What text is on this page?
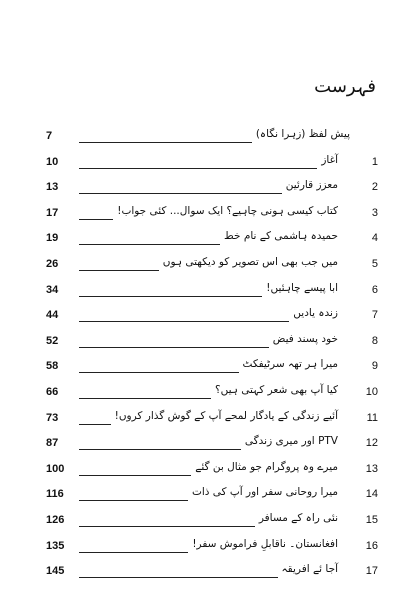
فہرست
7	پیش لفظ (زہرا نگاہ)
10	آغاز	1
13	معزز قارئین	2
17	کتاب کیسی ہونی چاہیے؟ ایک سوال... کئی جواب!	3
19	حمیدہ ہاشمی کے نام خط	4
26	میں جب بھی اس تصویر کو دیکھتی ہوں	5
34	ابا پیسے چاہئیں!	6
44	زندہ یادیں	7
52	خود پسند فیض	8
58	میرا ہر تھہ سرٹیفکٹ	9
66	کیا آپ بھی شعر کہتی ہیں؟	10
73	آئیے زندگی کے یادگار لمحے آپ کے گوش گذار کروں!	11
87	PTV اور میری زندگی	12
100	میرے وہ پروگرام جو مثال بن گئے	13
116	میرا روحانی سفر اور آپ کی ذات	14
126	نئی راہ کے مسافر	15
135	افغانستان۔ ناقابلِ فراموش سفر!	16
145	آجا ئے افریقہ	17
